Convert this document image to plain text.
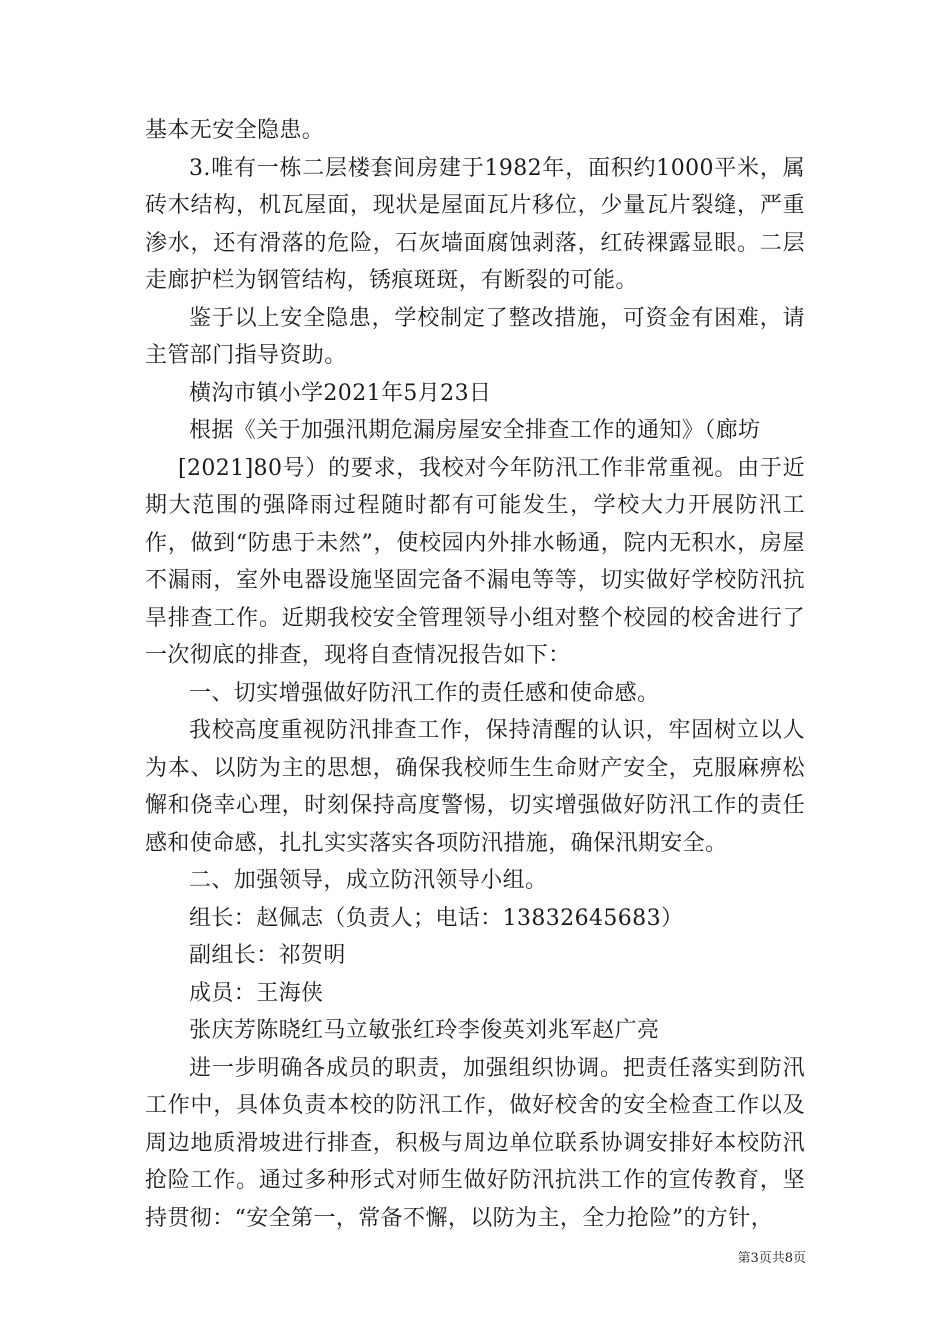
基本无安全隐患。

3.唯有一栋二层楼套间房建于1982年，面积约1000平米，属砖木结构，机瓦屋面，现状是屋面瓦片移位，少量瓦片裂缝，严重渗水，还有滑落的危险，石灰墙面腐蚀剥落，红砖裸露显眼。二层走廊护栏为钢管结构，锈痕斑斑，有断裂的可能。

鉴于以上安全隐患，学校制定了整改措施，可资金有困难，请主管部门指导资助。

横沟市镇小学2021年5月23日

根据《关于加强汛期危漏房屋安全排查工作的通知》（廊坊

[2021]80号）的要求，我校对今年防汛工作非常重视。由于近期大范围的强降雨过程随时都有可能发生，学校大力开展防汛工作，做到“防患于未然”，使校园内外排水畅通，院内无积水，房屋不漏雨，室外电器设施坚固完备不漏电等等，切实做好学校防汛抗旱排查工作。近期我校安全管理领导小组对整个校园的校舍进行了一次彻底的排查，现将自查情况报告如下：

一、切实增强做好防汛工作的责任感和使命感。

我校高度重视防汛排查工作，保持清醒的认识，牢固树立以人为本、以防为主的思想，确保我校师生生命财产安全，克服麻痹松懈和侥幸心理，时刻保持高度警惕，切实增强做好防汛工作的责任感和使命感，扎扎实实落实各项防汛措施，确保汛期安全。

二、加强领导，成立防汛领导小组。

组长：赵佩志（负责人；电话：13832645683）

副组长：祁贺明

成员：王海侠

张庆芳陈晓红马立敏张红玲李俊英刘兆军赵广亮

进一步明确各成员的职责，加强组织协调。把责任落实到防汛工作中，具体负责本校的防汛工作，做好校舍的安全检查工作以及周边地质滑坡进行排查，积极与周边单位联系协调安排好本校防汛抢险工作。通过多种形式对师生做好防汛抗洪工作的宣传教育，坚持贯彻：“安全第一，常备不懈，以防为主，全力抢险”的方针，

第3页共8页
